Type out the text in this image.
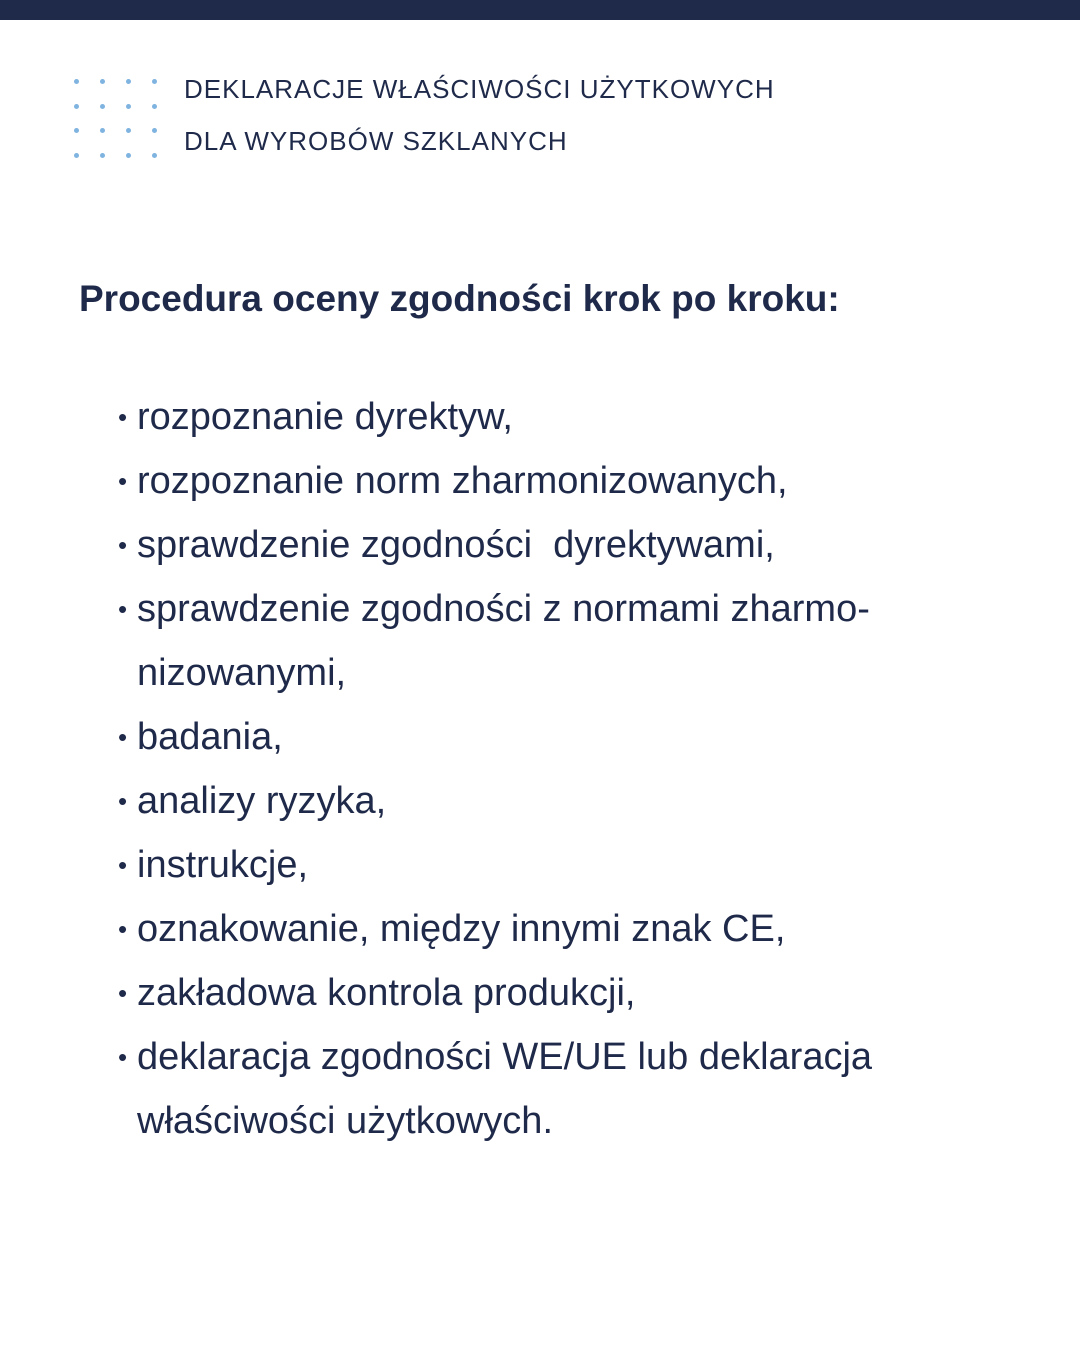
DEKLARACJE WŁAŚCIWOŚCI UŻYTKOWYCH
DLA WYROBÓW SZKLANYCH
Procedura oceny zgodności krok po kroku:
• rozpoznanie dyrektyw,
• rozpoznanie norm zharmonizowanych,
• sprawdzenie zgodności  dyrektywami,
• sprawdzenie zgodności z normami zharmo-
nizowanymi,
• badania,
• analizy ryzyka,
• instrukcje,
• oznakowanie, między innymi znak CE,
• zakładowa kontrola produkcji,
• deklaracja zgodności WE/UE lub deklaracja
właściwości użytkowych.
